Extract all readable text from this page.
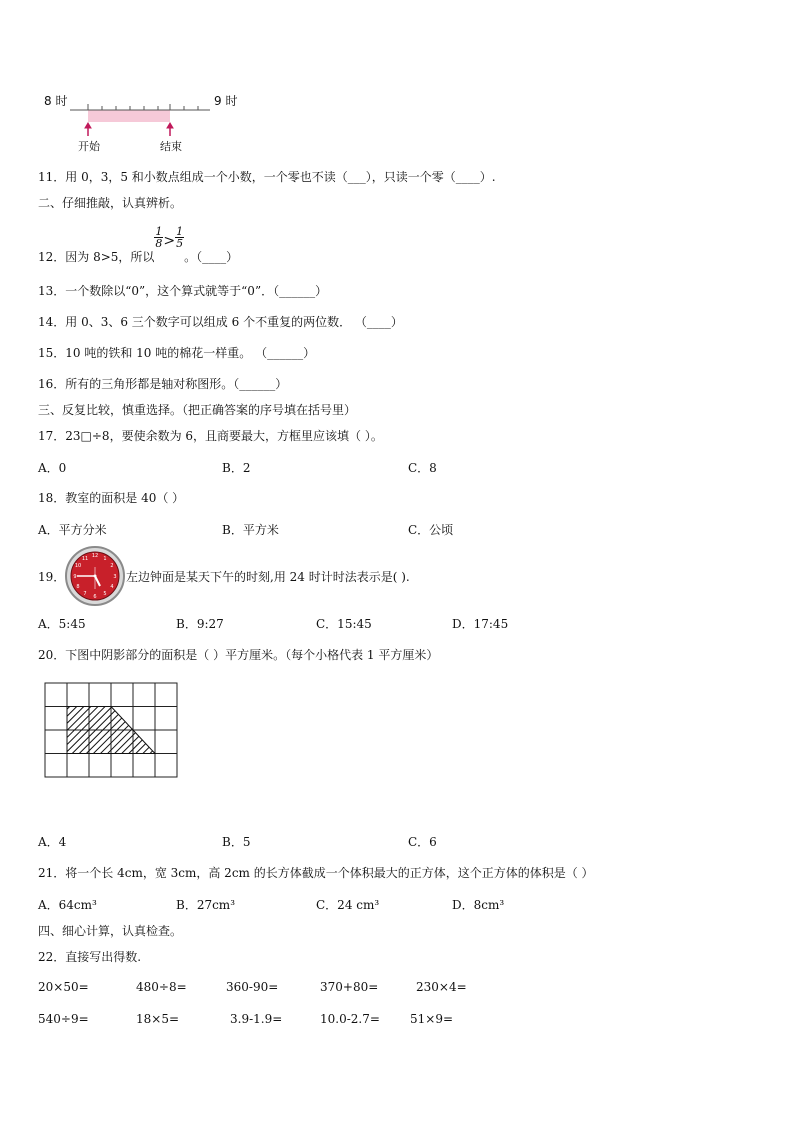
8 时	9 时
开始	结束
11．用 0，3，5 和小数点组成一个小数，一个零也不读（___），只读一个零（____）.
二、仔细推敲，认真辨析。
12．因为 8>5，所以
$\frac{1}{8} > \frac{1}{5}$
。（____）
13．一个数除以“0”，这个算式就等于“0”．（______）
14．用 0、3、6 三个数字可以组成 6 个不重复的两位数． （____）
15．10 吨的铁和 10 吨的棉花一样重。 （______）
16．所有的三角形都是轴对称图形。（______）
三、反复比较，慎重选择。（把正确答案的序号填在括号里）
17．23□÷8，要使余数为 6，且商要最大，方框里应该填（ ）。
A．0	B．2	C．8
18．教室的面积是 40（ ）
A．平方分米	B．平方米	C．公顷
19．
12 1
2
3
4
5
6
7
8
9
10
11
左边钟面是某天下午的时刻,用 24 时计时法表示是( ).
A．5:45	B．9:27	C．15:45	D．17:45
20．下图中阴影部分的面积是（ ）平方厘米。（每个小格代表 1 平方厘米）
A．4	B．5	C．6
21．将一个长 4cm，宽 3cm，高 2cm 的长方体截成一个体积最大的正方体，这个正方体的体积是（ ）
A．64cm³	B．27cm³	C．24 cm³	D．8cm³
四、细心计算，认真检查。
22．直接写出得数.
20×50=	480÷8=	360-90=	370+80=	230×4=
540÷9=	18×5=	3.9-1.9=	10.0-2.7=	51×9=
